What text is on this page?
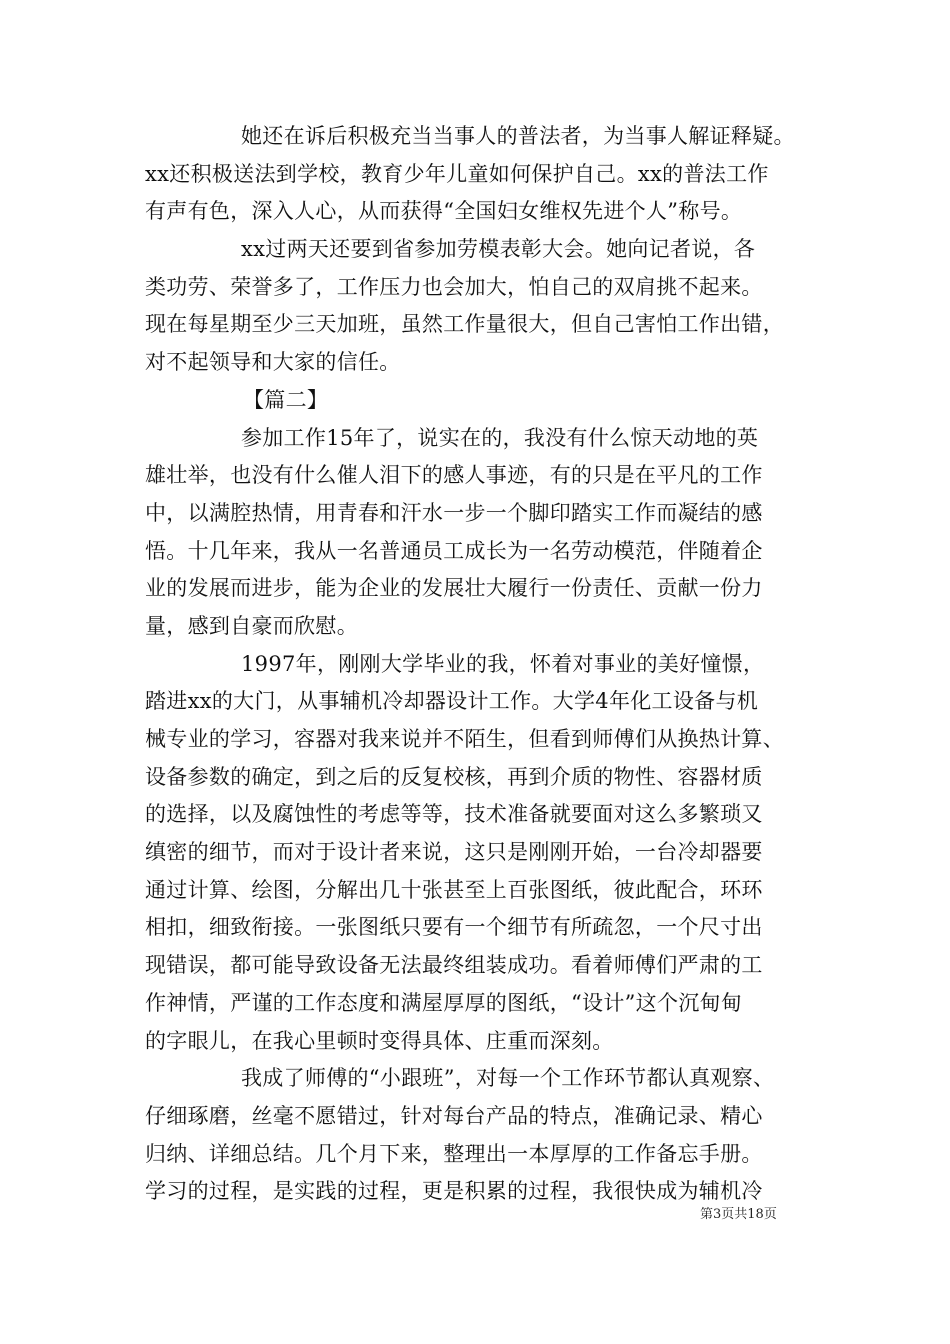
她还在诉后积极充当当事人的普法者，为当事人解证释疑。
xx还积极送法到学校，教育少年儿童如何保护自己。xx的普法工作
有声有色，深入人心，从而获得“全国妇女维权先进个人”称号。
xx过两天还要到省参加劳模表彰大会。她向记者说，各
类功劳、荣誉多了，工作压力也会加大，怕自己的双肩挑不起来。
现在每星期至少三天加班，虽然工作量很大，但自己害怕工作出错，
对不起领导和大家的信任。
【篇二】
参加工作15年了，说实在的，我没有什么惊天动地的英
雄壮举，也没有什么催人泪下的感人事迹，有的只是在平凡的工作
中，以满腔热情，用青春和汗水一步一个脚印踏实工作而凝结的感
悟。十几年来，我从一名普通员工成长为一名劳动模范，伴随着企
业的发展而进步，能为企业的发展壮大履行一份责任、贡献一份力
量，感到自豪而欣慰。
1997年，刚刚大学毕业的我，怀着对事业的美好憧憬，
踏进xx的大门，从事辅机冷却器设计工作。大学4年化工设备与机
械专业的学习，容器对我来说并不陌生，但看到师傅们从换热计算、
设备参数的确定，到之后的反复校核，再到介质的物性、容器材质
的选择，以及腐蚀性的考虑等等，技术准备就要面对这么多繁琐又
缜密的细节，而对于设计者来说，这只是刚刚开始，一台冷却器要
通过计算、绘图，分解出几十张甚至上百张图纸，彼此配合，环环
相扣，细致衔接。一张图纸只要有一个细节有所疏忽，一个尺寸出
现错误，都可能导致设备无法最终组装成功。看着师傅们严肃的工
作神情，严谨的工作态度和满屋厚厚的图纸，“设计”这个沉甸甸
的字眼儿，在我心里顿时变得具体、庄重而深刻。
我成了师傅的“小跟班”，对每一个工作环节都认真观察、
仔细琢磨，丝毫不愿错过，针对每台产品的特点，准确记录、精心
归纳、详细总结。几个月下来，整理出一本厚厚的工作备忘手册。
学习的过程，是实践的过程，更是积累的过程，我很快成为辅机冷
第3页共18页
